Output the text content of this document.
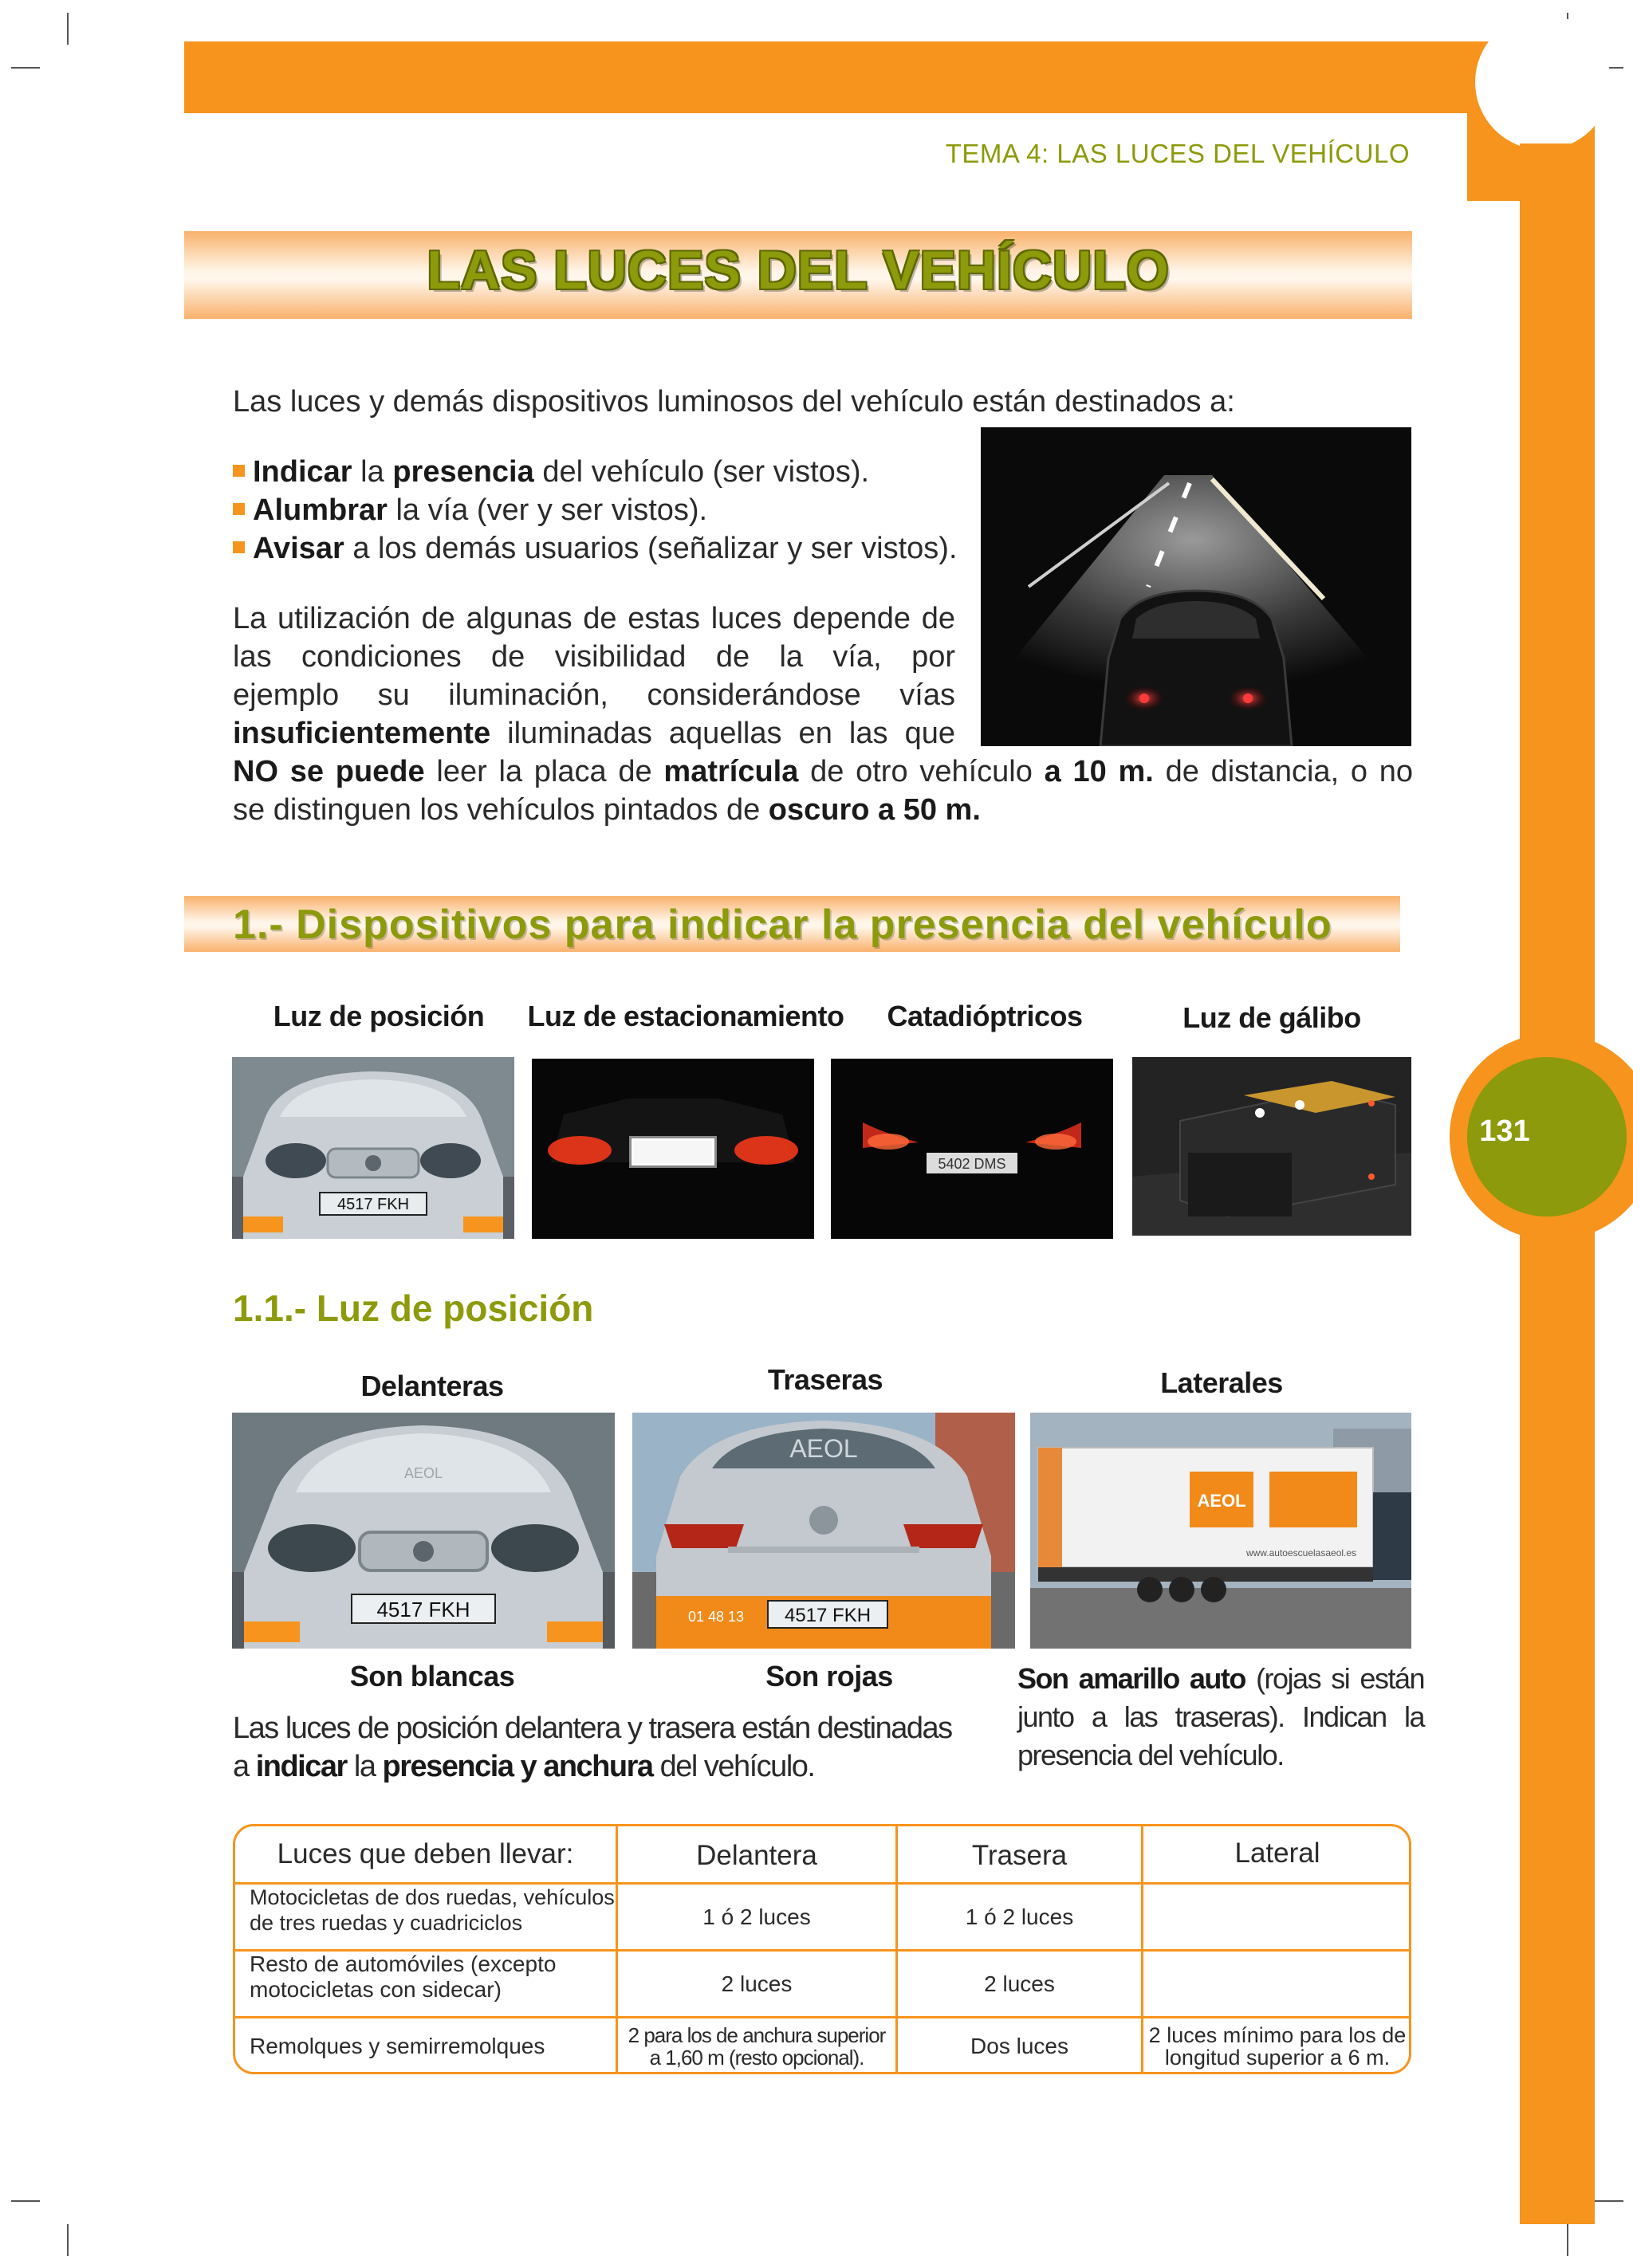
131
TEMA 4: LAS LUCES DEL VEHÍCULO
LAS LUCES DEL VEHÍCULO
Las luces y demás dispositivos luminosos del vehículo están destinados a:
Indicar la presencia del vehículo (ser vistos).
Alumbrar la vía (ver y ser vistos).
Avisar a los demás usuarios (señalizar y ser vistos).
La utilización de algunas de estas luces depende de
las condiciones de visibilidad de la vía, por
ejemplo su iluminación, considerándose vías
insuficientemente iluminadas aquellas en las que
NO se puede leer la placa de matrícula de otro vehículo a 10 m. de distancia, o no
se distinguen los vehículos pintados de oscuro a 50 m.
1.- Dispositivos para indicar la presencia del vehículo
Luz de posición	Luz de estacionamiento	Catadióptricos	Luz de gálibo
4517 FKH
5402 DMS
1.1.- Luz de posición
Delanteras	Traseras	Laterales
AEOL
4517 FKH
AEOL
01 48 13 4517 FKH
AEOL
www.autoescuelasaeol.es
Son blancas	Son rojas	Son amarillo auto (rojas si están
junto a las traseras). Indican la
presencia del vehículo.
Las luces de posición delantera y trasera están destinadas
a indicar la presencia y anchura del vehículo.
Luces que deben llevar:	Delantera	Trasera	Lateral
Motocicletas de dos ruedas, vehículos
de tres ruedas y cuadriciclos	1 ó 2 luces	1 ó 2 luces
Resto de automóviles (excepto
motocicletas con sidecar)	2 luces	2 luces
Remolques y semirremolques	2 para los de anchura superior
a 1,60 m (resto opcional).	Dos luces	2 luces mínimo para los de
longitud superior a 6 m.
